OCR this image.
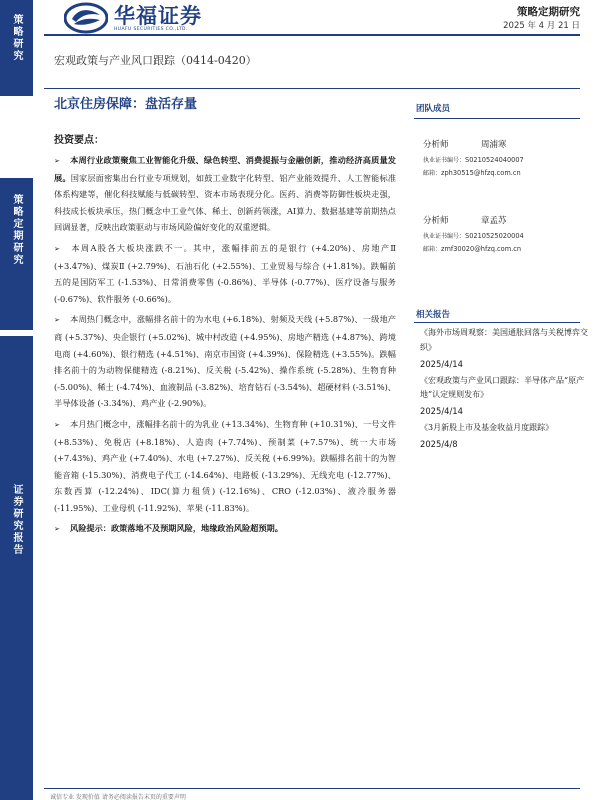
策略研究
策略定期研究
证券研究报告
华福证券
HUAFU SECURITIES CO.,LTD.
策略定期研究
2025 年 4 月 21 日
宏观政策与产业风口跟踪（0414-0420）
北京住房保障：盘活存量	团队成员
投资要点：

➢ 本周行业政策聚焦工业智能化升级、绿色转型、消费提振与金融创新，推动经济高质量发展。国家层面密集出台行业专项规划，如鼓工业数字化转型、铝产业能效提升、人工智能标准体系构建等，催化科技赋能与低碳转型、资本市场表现分化。医药、消费等防御性板块走强，科技成长板块承压，热门概念中工业气体、稀土、创新药领涨，AI算力、数据基建等前期热点回调显著，反映出政策驱动与市场风险偏好变化的双重逻辑。

➢ 本周A股各大板块涨跌不一。其中，涨幅排前五的是银行 (+4.20%)、房地产Ⅱ (+3.47%)、煤炭Ⅱ (+2.79%)、石油石化 (+2.55%)、工业贸易与综合 (+1.81%)。跌幅前五的是国防军工 (-1.53%)、日常消费零售 (-0.86%)、半导体 (-0.77%)、医疗设备与服务 (-0.67%)、软件服务 (-0.66%)。

➢ 本周热门概念中，涨幅排名前十的为水电 (+6.18%)、射频及天线 (+5.87%)、一级地产商 (+5.37%)、央企银行 (+5.02%)、城中村改造 (+4.95%)、房地产精选 (+4.87%)、跨境电商 (+4.60%)、银行精选 (+4.51%)、南京市国资 (+4.39%)、保险精选 (+3.55%)。跌幅排名前十的为动物保健精选 (-8.21%)、反关税 (-5.42%)、操作系统 (-5.28%)、生物育种 (-5.00%)、稀土 (-4.74%)、血液制品 (-3.82%)、培育钻石 (-3.54%)、超硬材料 (-3.51%)、半导体设备 (-3.34%)、鸡产业 (-2.90%)。

➢ 本月热门概念中，涨幅排名前十的为乳业 (+13.34%)、生物育种 (+10.31%)、一号文件 (+8.53%)、免税店 (+8.18%)、人造肉 (+7.74%)、预制菜 (+7.57%)、统一大市场 (+7.43%)、鸡产业 (+7.40%)、水电 (+7.27%)、反关税 (+6.99%)。跌幅排名前十的为智能音箱 (-15.30%)、消费电子代工 (-14.64%)、电路板 (-13.29%)、无线充电 (-12.77%)、东数西算 (-12.24%)、IDC(算力租赁) (-12.16%)、CRO (-12.03%)、液冷服务器 (-11.95%)、工业母机 (-11.92%)、苹果 (-11.83%)。

➢ 风险提示：政策落地不及预期风险，地缘政治风险超预期。

分析师	周浦寒
执业证书编号：S0210524040007
邮箱：zph30515@hfzq.com.cn
分析师	章孟苏
执业证书编号：S0210525020004
邮箱：zmf30020@hfzq.com.cn
相关报告
《海外市场周观察：美国通胀回落与关税博弈交织》
2025/4/14
《宏观政策与产业风口跟踪：半导体产品“原产地”认定规则发布》
2025/4/14
《3月新股上市及基金收益月度跟踪》
2025/4/8
诚信专业 发现价值 请务必阅读报告末页的重要声明
